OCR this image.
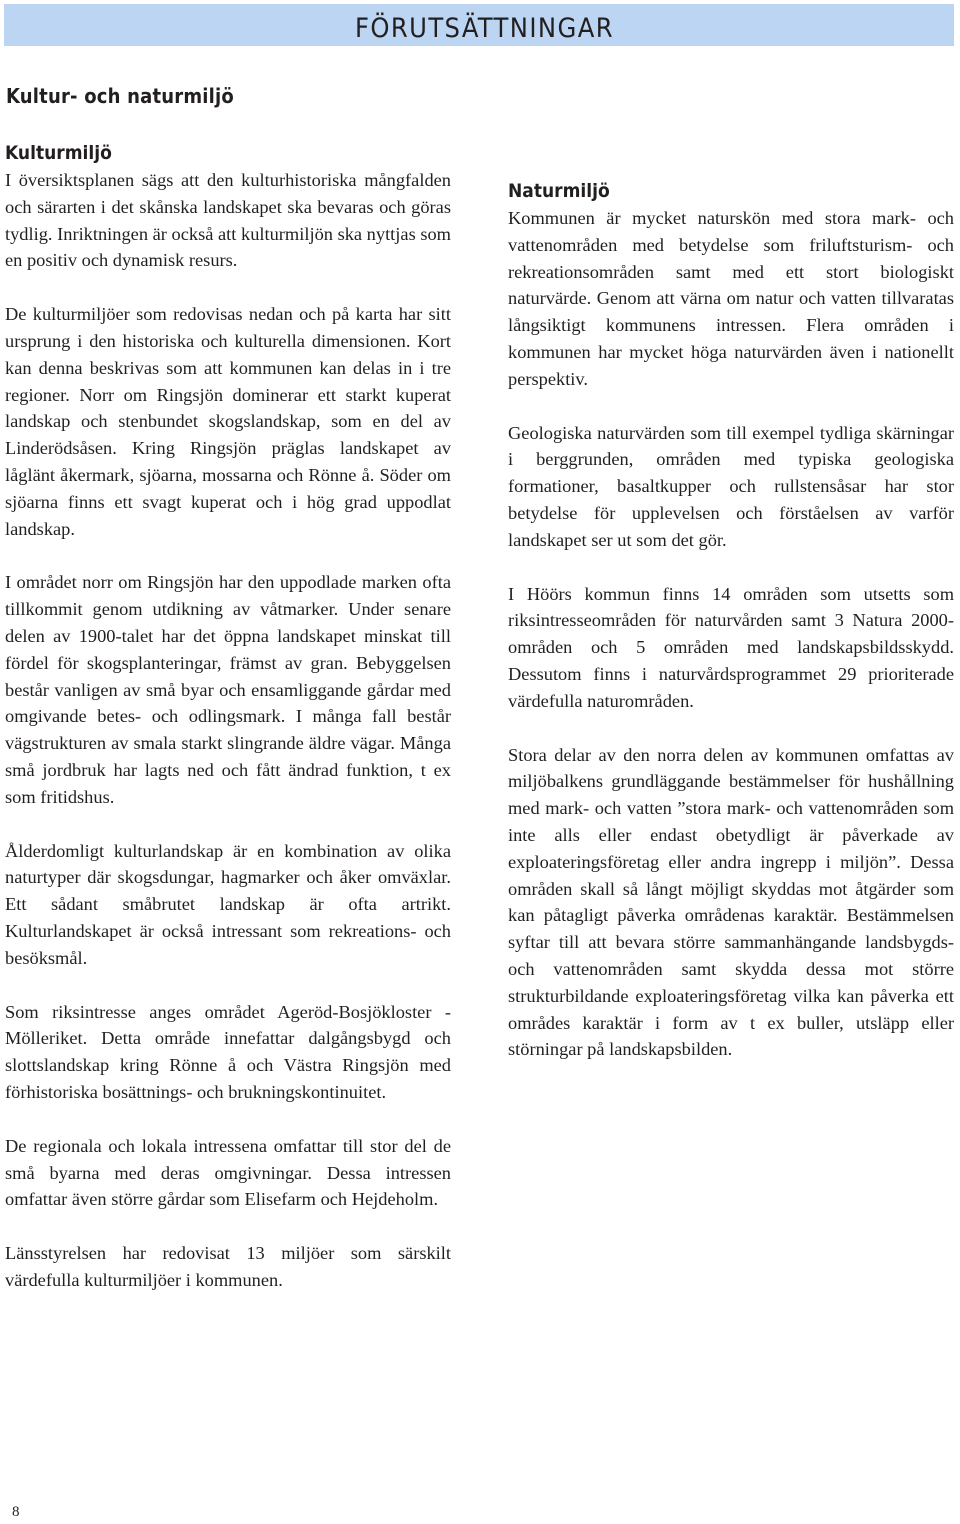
FÖRUTSÄTTNINGAR
Kultur- och naturmiljö
Kulturmiljö

I översiktsplanen sägs att den kulturhistoriska mångfalden och särarten i det skånska landskapet ska bevaras och göras tydlig. Inriktningen är också att kulturmiljön ska nyttjas som en positiv och dynamisk resurs.

De kulturmiljöer som redovisas nedan och på karta har sitt ursprung i den historiska och kulturella dimensionen. Kort kan denna beskrivas som att kommunen kan delas in i tre regioner. Norr om Ringsjön dominerar ett starkt kuperat landskap och stenbundet skogslandskap, som en del av Linderödsåsen. Kring Ringsjön präglas landskapet av låglänt åkermark, sjöarna, mossarna och Rönne å. Söder om sjöarna finns ett svagt kuperat och i hög grad uppodlat landskap.

I området norr om Ringsjön har den uppodlade marken ofta tillkommit genom utdikning av våtmarker. Under senare delen av 1900-talet har det öppna landskapet minskat till fördel för skogsplanteringar, främst av gran. Bebyggelsen består vanligen av små byar och ensamliggande gårdar med omgivande betes- och odlingsmark. I många fall består vägstrukturen av smala starkt slingrande äldre vägar. Många små jordbruk har lagts ned och fått ändrad funktion, t ex som fritidshus.

Ålderdomligt kulturlandskap är en kombination av olika naturtyper där skogsdungar, hagmarker och åker omväxlar. Ett sådant småbrutet landskap är ofta artrikt. Kulturlandskapet är också intressant som rekreations- och besöksmål.

Som riksintresse anges området Ageröd-Bosjökloster - Mölleriket. Detta område innefattar dalgångsbygd och slottslandskap kring Rönne å och Västra Ringsjön med förhistoriska bosättnings- och brukningskontinuitet.

De regionala och lokala intressena omfattar till stor del de små byarna med deras omgivningar. Dessa intressen omfattar även större gårdar som Elisefarm och Hejdeholm.

Länsstyrelsen har redovisat 13 miljöer som särskilt värdefulla kulturmiljöer i kommunen.

Naturmiljö

Kommunen är mycket naturskön med stora mark- och vattenområden med betydelse som friluftsturism- och rekreationsområden samt med ett stort biologiskt naturvärde. Genom att värna om natur och vatten tillvaratas långsiktigt kommunens intressen. Flera områden i kommunen har mycket höga naturvärden även i nationellt perspektiv.

Geologiska naturvärden som till exempel tydliga skärningar i berggrunden, områden med typiska geologiska formationer, basaltkupper och rullstensåsar har stor betydelse för upplevelsen och förståelsen av varför landskapet ser ut som det gör.

I Höörs kommun finns 14 områden som utsetts som riksintresseområden för naturvården samt 3 Natura 2000-områden och 5 områden med landskapsbildsskydd. Dessutom finns i naturvårdsprogrammet 29 prioriterade värdefulla naturområden.

Stora delar av den norra delen av kommunen omfattas av miljöbalkens grundläggande bestämmelser för hushållning med mark- och vatten ”stora mark- och vattenområden som inte alls eller endast obetydligt är påverkade av exploateringsföretag eller andra ingrepp i miljön”. Dessa områden skall så långt möjligt skyddas mot åtgärder som kan påtagligt påverka områdenas karaktär. Bestämmelsen syftar till att bevara större sammanhängande landsbygds- och vattenområden samt skydda dessa mot större strukturbildande exploateringsföretag vilka kan påverka ett områdes karaktär i form av t ex buller, utsläpp eller störningar på landskapsbilden.

8
